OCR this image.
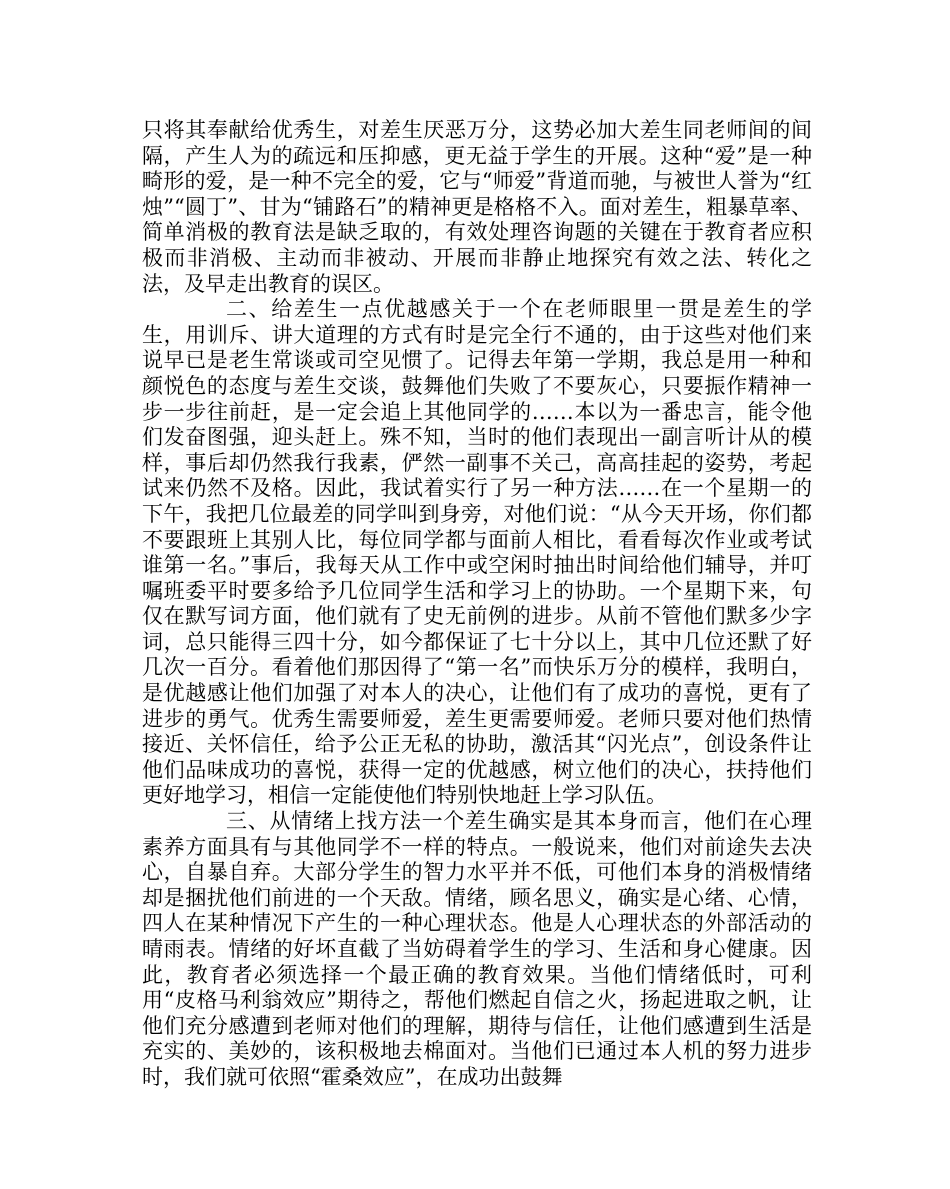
只将其奉献给优秀生，对差生厌恶万分，这势必加大差生同老师间的间隔，产生人为的疏远和压抑感，更无益于学生的开展。这种“爱”是一种畸形的爱，是一种不完全的爱，它与“师爱”背道而驰，与被世人誉为“红烛”“圆丁”、甘为“铺路石”的精神更是格格不入。面对差生，粗暴草率、简单消极的教育法是缺乏取的，有效处理咨询题的关键在于教育者应积极而非消极、主动而非被动、开展而非静止地探究有效之法、转化之法，及早走出教育的误区。

二、给差生一点优越感关于一个在老师眼里一贯是差生的学生，用训斥、讲大道理的方式有时是完全行不通的，由于这些对他们来说早已是老生常谈或司空见惯了。记得去年第一学期，我总是用一种和颜悦色的态度与差生交谈，鼓舞他们失败了不要灰心，只要振作精神一步一步往前赶，是一定会追上其他同学的……本以为一番忠言，能令他们发奋图强，迎头赶上。殊不知，当时的他们表现出一副言听计从的模样，事后却仍然我行我素，俨然一副事不关己，高高挂起的姿势，考起试来仍然不及格。因此，我试着实行了另一种方法……在一个星期一的下午，我把几位最差的同学叫到身旁，对他们说：“从今天开场，你们都不要跟班上其别人比，每位同学都与面前人相比，看看每次作业或考试谁第一名。”事后，我每天从工作中或空闲时抽出时间给他们辅导，并叮嘱班委平时要多给予几位同学生活和学习上的协助。一个星期下来，句仅在默写词方面，他们就有了史无前例的进步。从前不管他们默多少字词，总只能得三四十分，如今都保证了七十分以上，其中几位还默了好几次一百分。看着他们那因得了“第一名”而快乐万分的模样，我明白，是优越感让他们加强了对本人的决心，让他们有了成功的喜悦，更有了进步的勇气。优秀生需要师爱，差生更需要师爱。老师只要对他们热情接近、关怀信任，给予公正无私的协助，激活其“闪光点”，创设条件让他们品味成功的喜悦，获得一定的优越感，树立他们的决心，扶持他们更好地学习，相信一定能使他们特别快地赶上学习队伍。

三、从情绪上找方法一个差生确实是其本身而言，他们在心理素养方面具有与其他同学不一样的特点。一般说来，他们对前途失去决心，自暴自弃。大部分学生的智力水平并不低，可他们本身的消极情绪却是捆扰他们前进的一个天敌。情绪，顾名思义，确实是心绪、心情，四人在某种情况下产生的一种心理状态。他是人心理状态的外部活动的晴雨表。情绪的好坏直截了当妨碍着学生的学习、生活和身心健康。因此，教育者必须选择一个最正确的教育效果。当他们情绪低时，可利用“皮格马利翁效应”期待之，帮他们燃起自信之火，扬起进取之帆，让他们充分感遭到老师对他们的理解，期待与信任，让他们感遭到生活是充实的、美妙的，该积极地去棉面对。当他们已通过本人机的努力进步时，我们就可依照“霍桑效应”，在成功出鼓舞
